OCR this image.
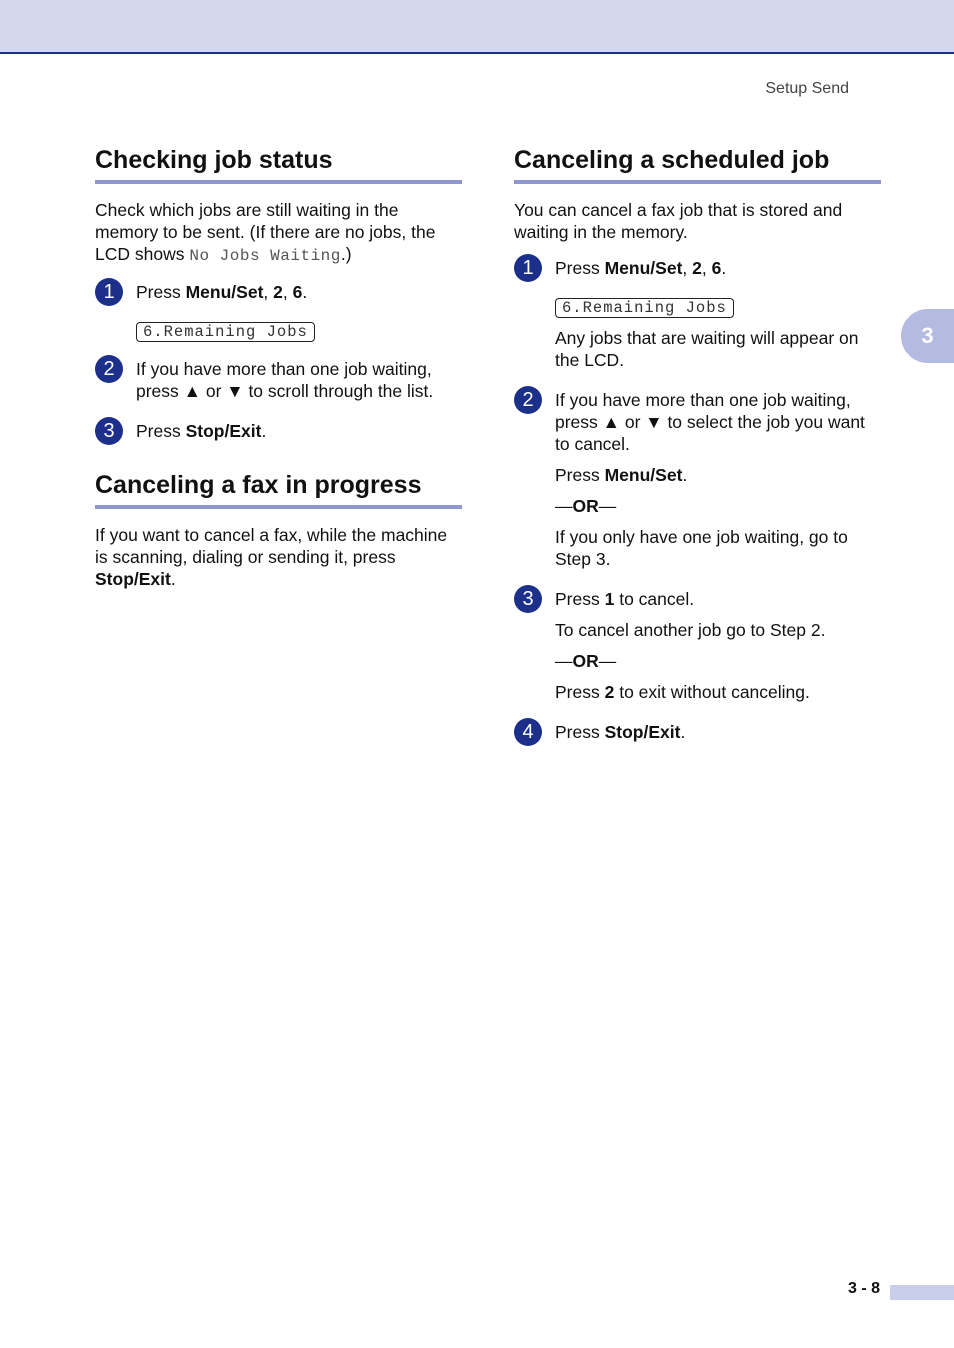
Setup Send
3
Checking job status

Check which jobs are still waiting in the memory to be sent. (If there are no jobs, the LCD shows No Jobs Waiting.)

1	Press Menu/Set, 2, 6.

6.Remaining Jobs
2	If you have more than one job waiting, press ▲ or ▼ to scroll through the list.

3	Press Stop/Exit.

Canceling a fax in progress

If you want to cancel a fax, while the machine is scanning, dialing or sending it, press Stop/Exit.

Canceling a scheduled job

You can cancel a fax job that is stored and waiting in the memory.

1	Press Menu/Set, 2, 6.

6.Remaining Jobs

Any jobs that are waiting will appear on the LCD.

2	If you have more than one job waiting, press ▲ or ▼ to select the job you want to cancel.

Press Menu/Set.

—OR—

If you only have one job waiting, go to Step 3.

3	Press 1 to cancel.

To cancel another job go to Step 2.

—OR—

Press 2 to exit without canceling.

4	Press Stop/Exit.

3 - 8
